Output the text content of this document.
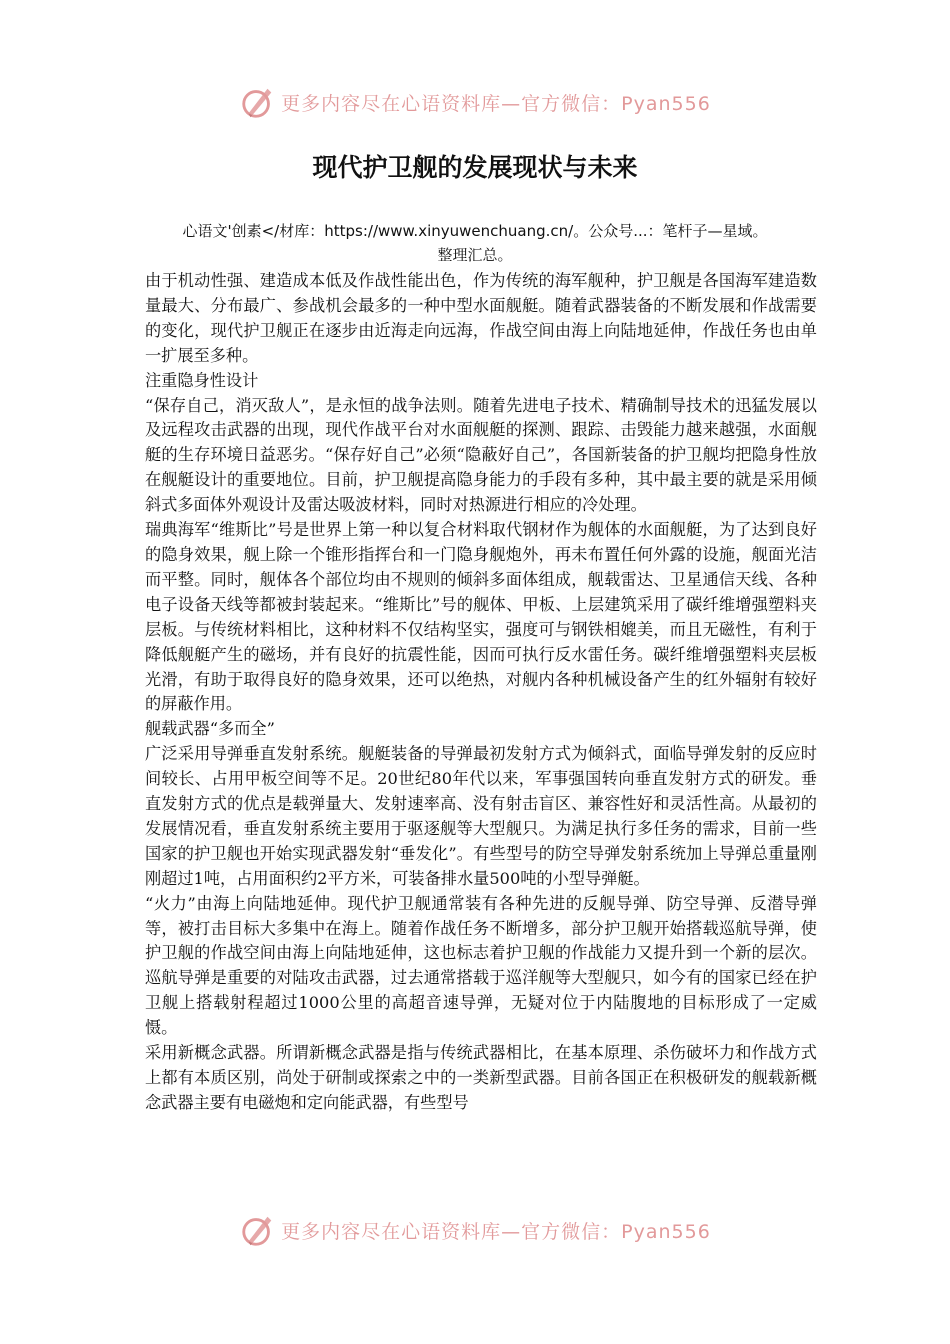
更多内容尽在心语资料库—官方微信：Pyan556
现代护卫舰的发展现状与未来
心语文'创素</材库：https://www.xinyuwenchuang.cn/。公众号...：笔杆子—星域。
整理汇总。

由于机动性强、建造成本低及作战性能出色，作为传统的海军舰种，护卫舰是各国海军建造数量最大、分布最广、参战机会最多的一种中型水面舰艇。随着武器装备的不断发展和作战需要的变化，现代护卫舰正在逐步由近海走向远海，作战空间由海上向陆地延伸，作战任务也由单一扩展至多种。

注重隐身性设计

“保存自己，消灭敌人”，是永恒的战争法则。随着先进电子技术、精确制导技术的迅猛发展以及远程攻击武器的出现，现代作战平台对水面舰艇的探测、跟踪、击毁能力越来越强，水面舰艇的生存环境日益恶劣。“保存好自己”必须“隐蔽好自己”，各国新装备的护卫舰均把隐身性放在舰艇设计的重要地位。目前，护卫舰提高隐身能力的手段有多种，其中最主要的就是采用倾斜式多面体外观设计及雷达吸波材料，同时对热源进行相应的冷处理。

瑞典海军“维斯比”号是世界上第一种以复合材料取代钢材作为舰体的水面舰艇，为了达到良好的隐身效果，舰上除一个锥形指挥台和一门隐身舰炮外，再未布置任何外露的设施，舰面光洁而平整。同时，舰体各个部位均由不规则的倾斜多面体组成，舰载雷达、卫星通信天线、各种电子设备天线等都被封装起来。“维斯比”号的舰体、甲板、上层建筑采用了碳纤维增强塑料夹层板。与传统材料相比，这种材料不仅结构坚实，强度可与钢铁相媲美，而且无磁性，有利于降低舰艇产生的磁场，并有良好的抗震性能，因而可执行反水雷任务。碳纤维增强塑料夹层板光滑，有助于取得良好的隐身效果，还可以绝热，对舰内各种机械设备产生的红外辐射有较好的屏蔽作用。

舰载武器“多而全”

广泛采用导弹垂直发射系统。舰艇装备的导弹最初发射方式为倾斜式，面临导弹发射的反应时间较长、占用甲板空间等不足。20世纪80年代以来，军事强国转向垂直发射方式的研发。垂直发射方式的优点是载弹量大、发射速率高、没有射击盲区、兼容性好和灵活性高。从最初的发展情况看，垂直发射系统主要用于驱逐舰等大型舰只。为满足执行多任务的需求，目前一些国家的护卫舰也开始实现武器发射“垂发化”。有些型号的防空导弹发射系统加上导弹总重量刚刚超过1吨，占用面积约2平方米，可装备排水量500吨的小型导弹艇。

“火力”由海上向陆地延伸。现代护卫舰通常装有各种先进的反舰导弹、防空导弹、反潜导弹等，被打击目标大多集中在海上。随着作战任务不断增多，部分护卫舰开始搭载巡航导弹，使护卫舰的作战空间由海上向陆地延伸，这也标志着护卫舰的作战能力又提升到一个新的层次。巡航导弹是重要的对陆攻击武器，过去通常搭载于巡洋舰等大型舰只，如今有的国家已经在护卫舰上搭载射程超过1000公里的高超音速导弹，无疑对位于内陆腹地的目标形成了一定威慑。

采用新概念武器。所谓新概念武器是指与传统武器相比，在基本原理、杀伤破坏力和作战方式上都有本质区别，尚处于研制或探索之中的一类新型武器。目前各国正在积极研发的舰载新概念武器主要有电磁炮和定向能武器，有些型号

更多内容尽在心语资料库—官方微信：Pyan556
